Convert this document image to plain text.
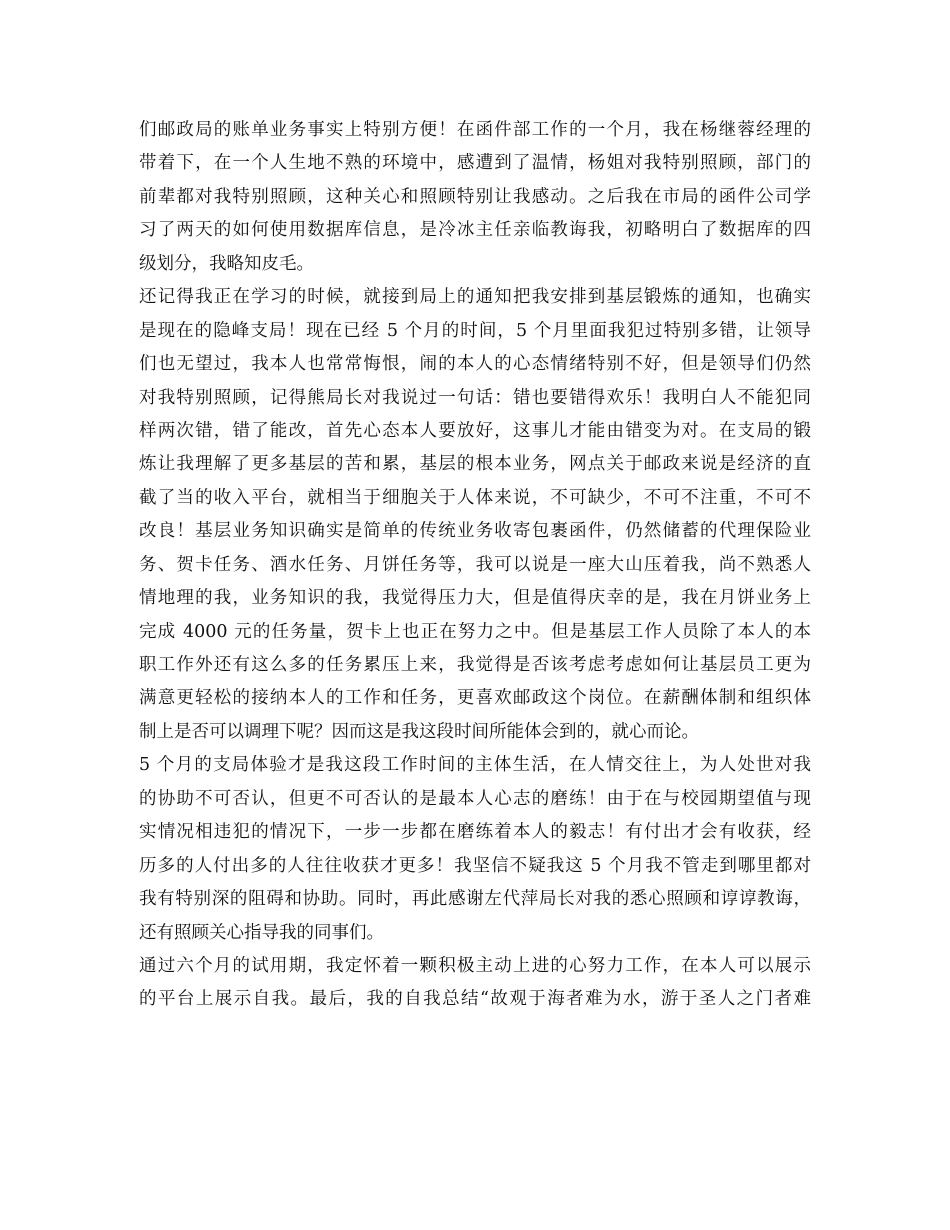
们邮政局的账单业务事实上特别方便！在函件部工作的一个月，我在杨继蓉经理的
带着下，在一个人生地不熟的环境中，感遭到了温情，杨姐对我特别照顾，部门的
前辈都对我特别照顾，这种关心和照顾特别让我感动。之后我在市局的函件公司学
习了两天的如何使用数据库信息，是冷冰主任亲临教诲我，初略明白了数据库的四
级划分，我略知皮毛。
还记得我正在学习的时候，就接到局上的通知把我安排到基层锻炼的通知，也确实
是现在的隐峰支局！现在已经 5 个月的时间，5 个月里面我犯过特别多错，让领导
们也无望过，我本人也常常悔恨，闹的本人的心态情绪特别不好，但是领导们仍然
对我特别照顾，记得熊局长对我说过一句话：错也要错得欢乐！我明白人不能犯同
样两次错，错了能改，首先心态本人要放好，这事儿才能由错变为对。在支局的锻
炼让我理解了更多基层的苦和累，基层的根本业务，网点关于邮政来说是经济的直
截了当的收入平台，就相当于细胞关于人体来说，不可缺少，不可不注重，不可不
改良！基层业务知识确实是简单的传统业务收寄包裹函件，仍然储蓄的代理保险业
务、贺卡任务、酒水任务、月饼任务等，我可以说是一座大山压着我，尚不熟悉人
情地理的我，业务知识的我，我觉得压力大，但是值得庆幸的是，我在月饼业务上
完成 4000 元的任务量，贺卡上也正在努力之中。但是基层工作人员除了本人的本
职工作外还有这么多的任务累压上来，我觉得是否该考虑考虑如何让基层员工更为
满意更轻松的接纳本人的工作和任务，更喜欢邮政这个岗位。在薪酬体制和组织体
制上是否可以调理下呢？因而这是我这段时间所能体会到的，就心而论。
5 个月的支局体验才是我这段工作时间的主体生活，在人情交往上，为人处世对我
的协助不可否认，但更不可否认的是最本人心志的磨练！由于在与校园期望值与现
实情况相违犯的情况下，一步一步都在磨练着本人的毅志！有付出才会有收获，经
历多的人付出多的人往往收获才更多！我坚信不疑我这 5 个月我不管走到哪里都对
我有特别深的阻碍和协助。同时，再此感谢左代萍局长对我的悉心照顾和谆谆教诲，
还有照顾关心指导我的同事们。
通过六个月的试用期，我定怀着一颗积极主动上进的心努力工作，在本人可以展示
的平台上展示自我。最后，我的自我总结“故观于海者难为水，游于圣人之门者难
